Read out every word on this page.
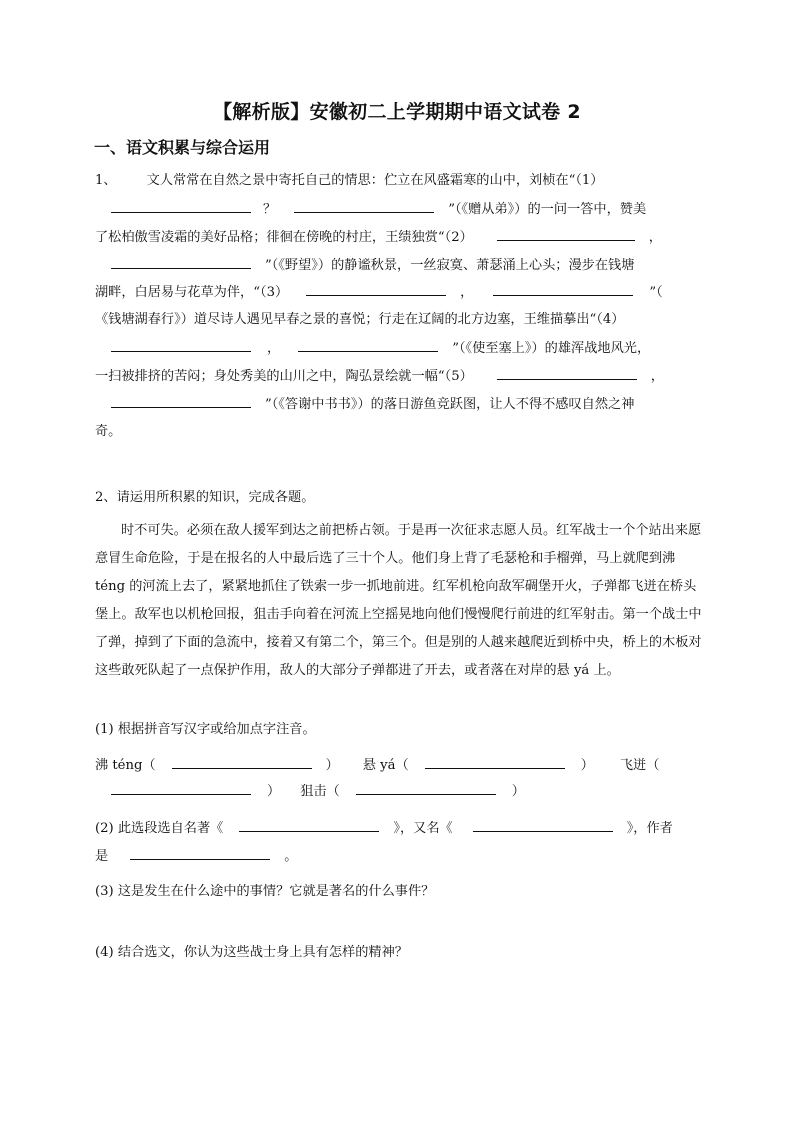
【解析版】安徽初二上学期期中语文试卷 2
一、语文积累与综合运用
1、 文人常常在自然之景中寄托自己的情思：伫立在风盛霜寒的山中，刘桢在“（1）
？	”（《赠从弟》）的一问一答中，赞美
了松柏傲雪凌霜的美好品格；徘徊在傍晚的村庄，王绩独赏“（2）	，
”（《野望》）的静谧秋景，一丝寂寞、萧瑟涌上心头；漫步在钱塘
湖畔，白居易与花草为伴，“（3）	，	”（
《钱塘湖春行》）道尽诗人遇见早春之景的喜悦；行走在辽阔的北方边塞，王维描摹出“（4）
，	”（《使至塞上》）的雄浑战地风光，
一扫被排挤的苦闷；身处秀美的山川之中，陶弘景绘就一幅“（5）	，
”（《答谢中书书》）的落日游鱼竞跃图，让人不得不感叹自然之神
奇。
2、请运用所积累的知识，完成各题。
时不可失。必须在敌人援军到达之前把桥占领。于是再一次征求志愿人员。红军战士一个个站出来愿意冒生命危险，于是在报名的人中最后选了三十个人。他们身上背了毛瑟枪和手榴弹，马上就爬到沸 téng 的河流上去了，紧紧地抓住了铁索一步一抓地前进。红军机枪向敌军碉堡开火，子弹都飞迸在桥头堡上。敌军也以机枪回报，狙击手向着在河流上空摇晃地向他们慢慢爬行前进的红军射击。第一个战士中了弹，掉到了下面的急流中，接着又有第二个，第三个。但是别的人越来越爬近到桥中央，桥上的木板对这些敢死队起了一点保护作用，敌人的大部分子弹都进了开去，或者落在对岸的悬 yá 上。
(1) 根据拼音写汉字或给加点字注音。
沸 téng（	） 悬 yá（	） 飞迸（
） 狙击（	）
(2) 此选段选自名著《	》，又名《	》，作者
是	。
(3) 这是发生在什么途中的事情？它就是著名的什么事件？
(4) 结合选文，你认为这些战士身上具有怎样的精神？
